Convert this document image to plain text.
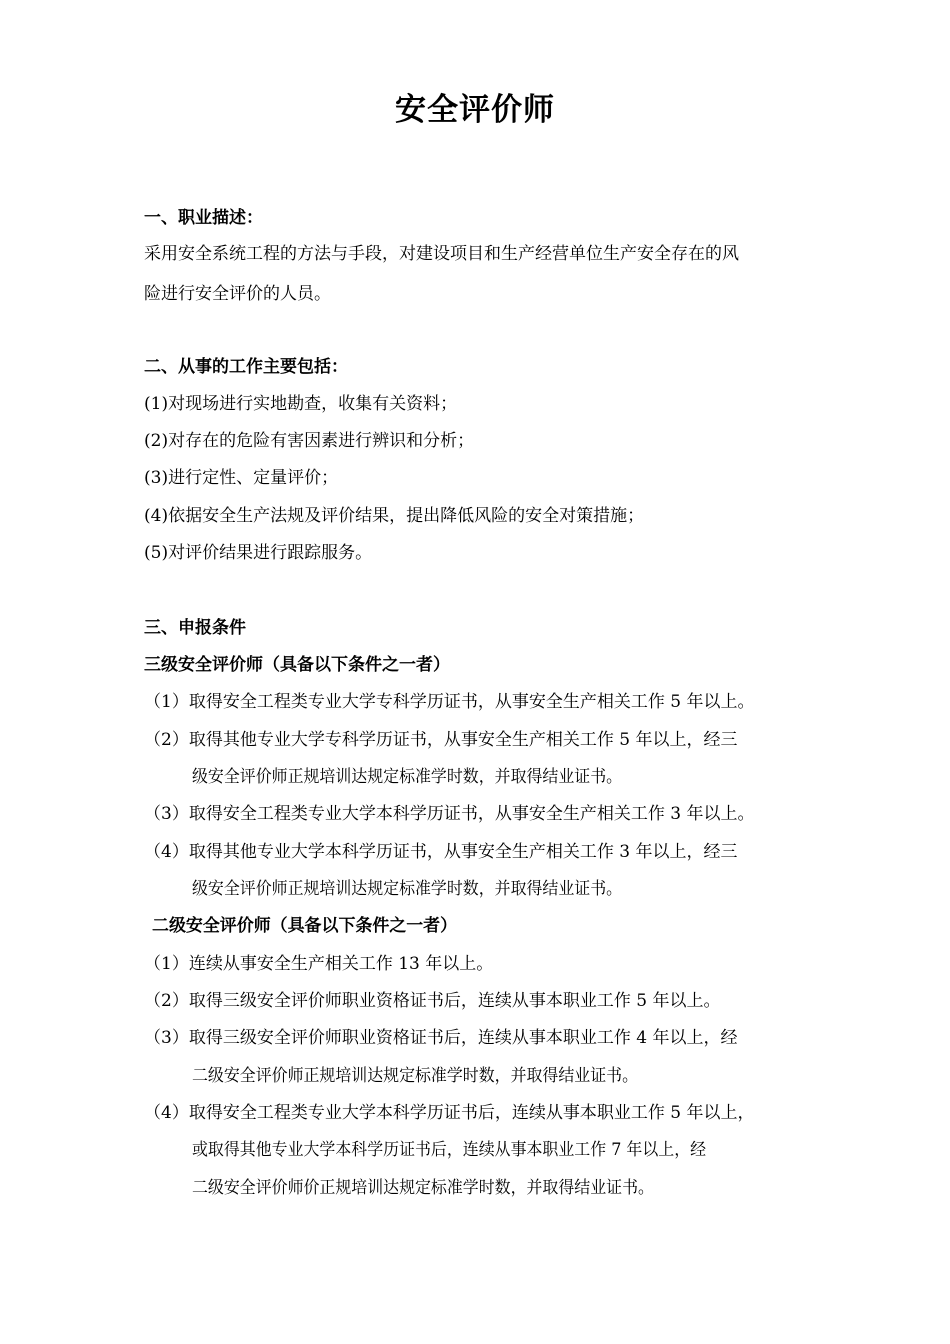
安全评价师
一、职业描述：
采用安全系统工程的方法与手段，对建设项目和生产经营单位生产安全存在的风
险进行安全评价的人员。
二、从事的工作主要包括：
(1)对现场进行实地勘查，收集有关资料；
(2)对存在的危险有害因素进行辨识和分析；
(3)进行定性、定量评价；
(4)依据安全生产法规及评价结果，提出降低风险的安全对策措施；
(5)对评价结果进行跟踪服务。
三、申报条件
三级安全评价师（具备以下条件之一者）
（1）取得安全工程类专业大学专科学历证书，从事安全生产相关工作 5 年以上。
（2）取得其他专业大学专科学历证书，从事安全生产相关工作 5 年以上，经三
级安全评价师正规培训达规定标准学时数，并取得结业证书。
（3）取得安全工程类专业大学本科学历证书，从事安全生产相关工作 3 年以上。
（4）取得其他专业大学本科学历证书，从事安全生产相关工作 3 年以上，经三
级安全评价师正规培训达规定标准学时数，并取得结业证书。
二级安全评价师（具备以下条件之一者）
（1）连续从事安全生产相关工作 13 年以上。
（2）取得三级安全评价师职业资格证书后，连续从事本职业工作 5 年以上。
（3）取得三级安全评价师职业资格证书后，连续从事本职业工作 4 年以上，经
二级安全评价师正规培训达规定标准学时数，并取得结业证书。
（4）取得安全工程类专业大学本科学历证书后，连续从事本职业工作 5 年以上，
或取得其他专业大学本科学历证书后，连续从事本职业工作 7 年以上，经
二级安全评价师价正规培训达规定标准学时数，并取得结业证书。
